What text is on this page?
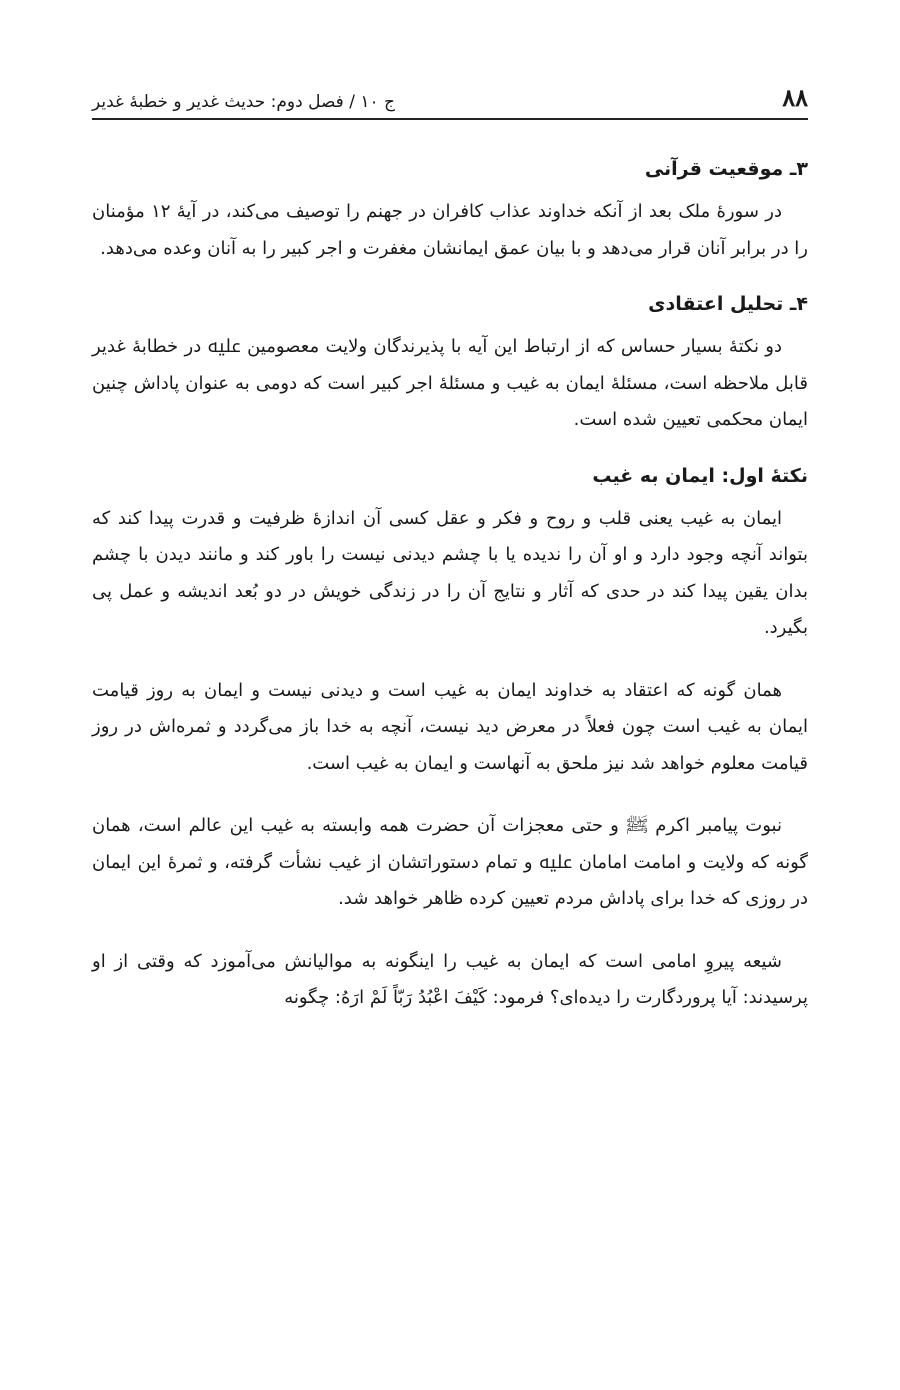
۸۸
ج ۱۰ / فصل دوم: حدیث غدیر و خطبهٔ غدیر
۳ـ موقعیت قرآنی

در سورهٔ ملک بعد از آنکه خداوند عذاب کافران در جهنم را توصیف می‌کند، در آیهٔ ۱۲ مؤمنان را در برابر آنان قرار می‌دهد و با بیان عمق ایمانشان مغفرت و اجر کبیر را به آنان وعده می‌دهد.

۴ـ تحلیل اعتقادی

دو نکتهٔ بسیار حساس که از ارتباط این آیه با پذیرندگان ولایت معصومین ﷷ در خطابهٔ غدیر قابل ملاحظه است، مسئلهٔ ایمان به غیب و مسئلهٔ اجر کبیر است که دومی به عنوان پاداش چنین ایمان محکمی تعیین شده است.

نکتهٔ اول: ایمان به غیب

ایمان به غیب یعنی قلب و روح و فکر و عقل کسی آن اندازهٔ ظرفیت و قدرت پیدا کند که بتواند آنچه وجود دارد و او آن را ندیده یا با چشم دیدنی نیست را باور کند و مانند دیدن با چشم بدان یقین پیدا کند در حدی که آثار و نتایج آن را در زندگی خویش در دو بُعد اندیشه و عمل پی بگیرد.

همان گونه که اعتقاد به خداوند ایمان به غیب است و دیدنی نیست و ایمان به روز قیامت ایمان به غیب است چون فعلاً در معرض دید نیست، آنچه به خدا باز می‌گردد و ثمره‌اش در روز قیامت معلوم خواهد شد نیز ملحق به آنهاست و ایمان به غیب است.

نبوت پیامبر اکرم ﷺ و حتی معجزات آن حضرت همه وابسته به غیب این عالم است، همان گونه که ولایت و امامت امامان ﷷ و تمام دستوراتشان از غیب نشأت گرفته، و ثمرهٔ این ایمان در روزی که خدا برای پاداش مردم تعیین کرده ظاهر خواهد شد.

شیعه پیروِ امامی است که ایمان به غیب را اینگونه به موالیانش می‌آموزد که وقتی از او پرسیدند: آیا پروردگارت را دیده‌ای؟ فرمود: كَيْفَ اعْبُدُ رَبّاً لَمْ ارَهُ: چگونه
